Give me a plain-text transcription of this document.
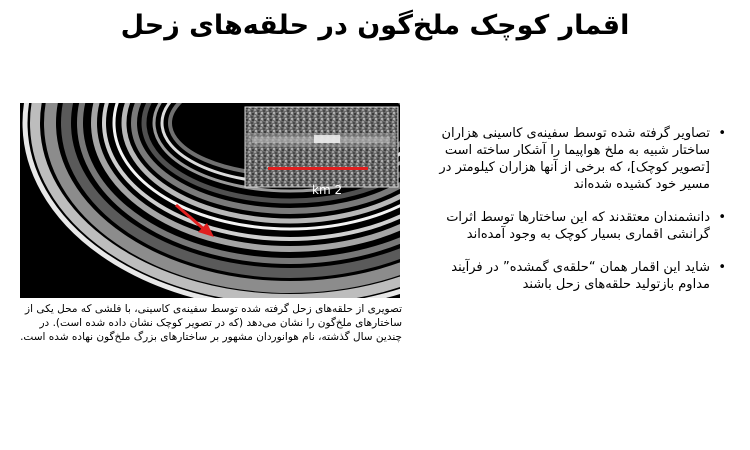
اقمار کوچک ملخ‌گون در حلقه‌های زحل
km 2
تصویری از حلقه‌های زحل گرفته شده توسط سفینه‌ی کاسینی، با فلشی که محل یکی از ساختارهای ملخ‌گون را نشان می‌دهد (که در تصویر کوچک نشان داده شده است). در چندین سال گذشته، نام هوانوردان مشهور بر ساختارهای بزرگ ملخ‌گون نهاده شده است.
•
تصاویر گرفته شده توسط سفینه‌ی کاسینی هزاران ساختار شبیه به ملخ هواپیما را آشکار ساخته است [تصویر کوچک]، که برخی از آنها هزاران کیلومتر در مسیر خود کشیده شده‌اند
•
دانشمندان معتقدند که این ساختارها توسط اثرات گرانشی اقماری بسیار کوچک به وجود آمده‌اند
•
شاید این اقمار همان “حلقه‌ی گمشده” در فرآیند مداوم بازتولید حلقه‌های زحل باشند
